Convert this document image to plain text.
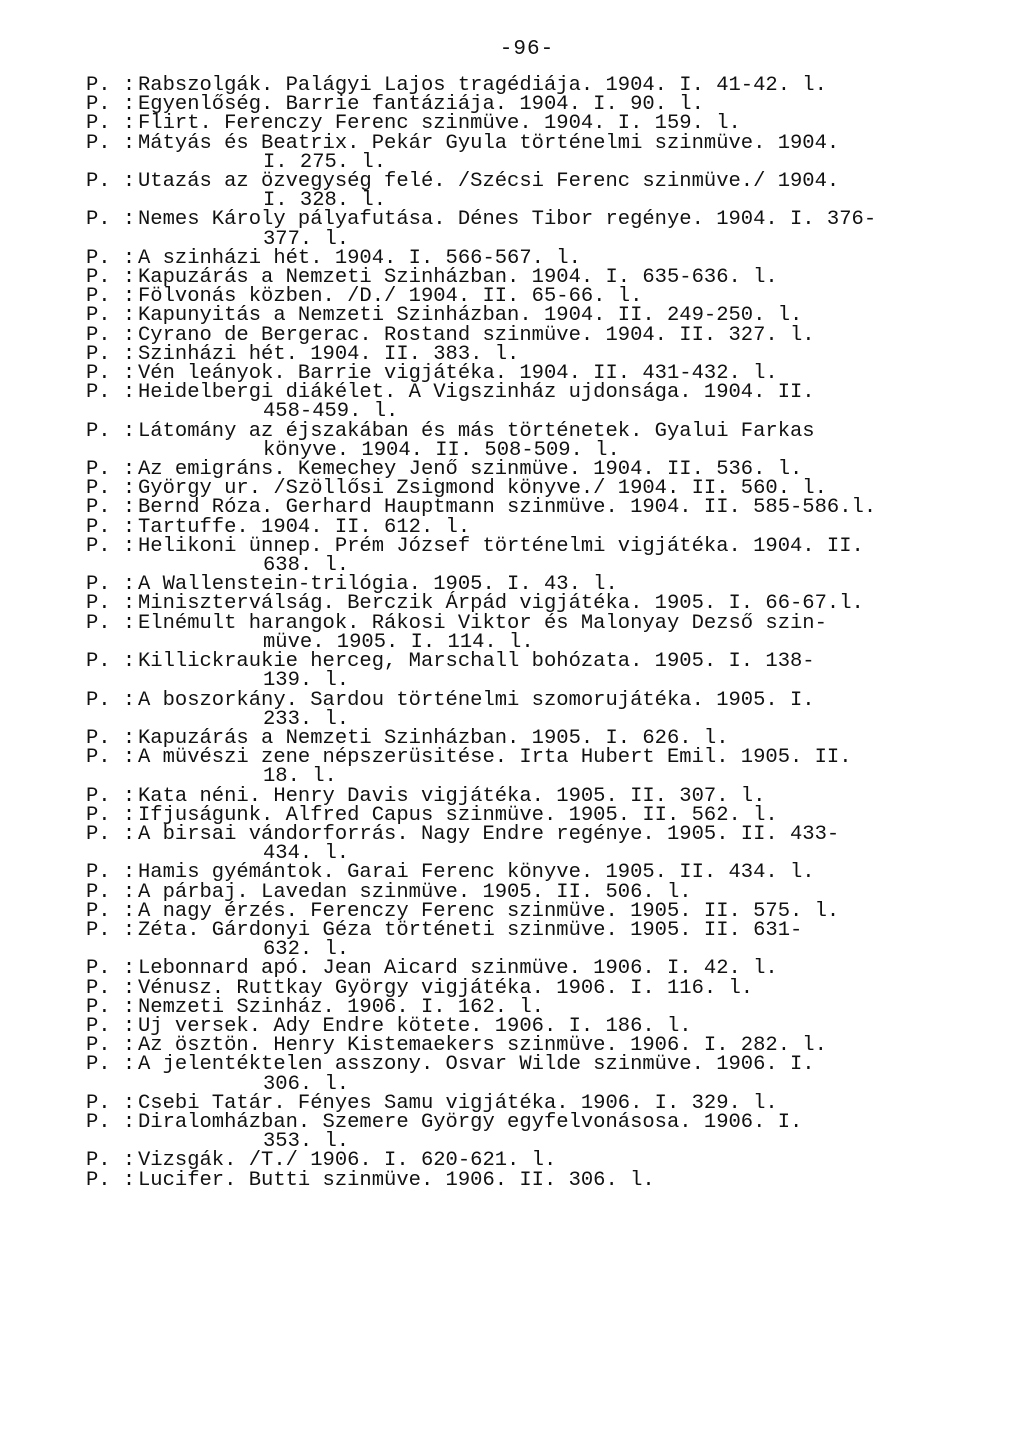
-96-
P. : Rabszolgák. Palágyi Lajos tragédiája. 1904. I. 41-42. l.
P. : Egyenlőség. Barrie fantáziája. 1904. I. 90. l.
P. : Flirt. Ferenczy Ferenc szinmüve. 1904. I. 159. l.
P. : Mátyás és Beatrix. Pekár Gyula történelmi szinmüve. 1904.
I. 275. l.
P. : Utazás az özvegység felé. /Szécsi Ferenc szinmüve./ 1904.
I. 328. l.
P. : Nemes Károly pályafutása. Dénes Tibor regénye. 1904. I. 376-
377. l.
P. : A szinházi hét. 1904. I. 566-567. l.
P. : Kapuzárás a Nemzeti Szinházban. 1904. I. 635-636. l.
P. : Fölvonás közben. /D./ 1904. II. 65-66. l.
P. : Kapunyitás a Nemzeti Szinházban. 1904. II. 249-250. l.
P. : Cyrano de Bergerac. Rostand szinmüve. 1904. II. 327. l.
P. : Szinházi hét. 1904. II. 383. l.
P. : Vén leányok. Barrie vigjátéka. 1904. II. 431-432. l.
P. : Heidelbergi diákélet. A Vigszinház ujdonsága. 1904. II.
458-459. l.
P. : Látomány az éjszakában és más történetek. Gyalui Farkas
könyve. 1904. II. 508-509. l.
P. : Az emigráns. Kemechey Jenő szinmüve. 1904. II. 536. l.
P. : György ur. /Szöllősi Zsigmond könyve./ 1904. II. 560. l.
P. : Bernd Róza. Gerhard Hauptmann szinmüve. 1904. II. 585-586.l.
P. : Tartuffe. 1904. II. 612. l.
P. : Helikoni ünnep. Prém József történelmi vigjátéka. 1904. II.
638. l.
P. : A Wallenstein-trilógia. 1905. I. 43. l.
P. : Miniszterválság. Berczik Árpád vigjátéka. 1905. I. 66-67.l.
P. : Elnémult harangok. Rákosi Viktor és Malonyay Dezső szin-
müve. 1905. I. 114. l.
P. : Killickraukie herceg, Marschall bohózata. 1905. I. 138-
139. l.
P. : A boszorkány. Sardou történelmi szomorujátéka. 1905. I.
233. l.
P. : Kapuzárás a Nemzeti Szinházban. 1905. I. 626. l.
P. : A müvészi zene népszerüsitése. Irta Hubert Emil. 1905. II.
18. l.
P. : Kata néni. Henry Davis vigjátéka. 1905. II. 307. l.
P. : Ifjuságunk. Alfred Capus szinmüve. 1905. II. 562. l.
P. : A birsai vándorforrás. Nagy Endre regénye. 1905. II. 433-
434. l.
P. : Hamis gyémántok. Garai Ferenc könyve. 1905. II. 434. l.
P. : A párbaj. Lavedan szinmüve. 1905. II. 506. l.
P. : A nagy érzés. Ferenczy Ferenc szinmüve. 1905. II. 575. l.
P. : Zéta. Gárdonyi Géza történeti szinmüve. 1905. II. 631-
632. l.
P. : Lebonnard apó. Jean Aicard szinmüve. 1906. I. 42. l.
P. : Vénusz. Ruttkay György vigjátéka. 1906. I. 116. l.
P. : Nemzeti Szinház. 1906. I. 162. l.
P. : Uj versek. Ady Endre kötete. 1906. I. 186. l.
P. : Az ösztön. Henry Kistemaekers szinmüve. 1906. I. 282. l.
P. : A jelentéktelen asszony. Osvar Wilde szinmüve. 1906. I.
306. l.
P. : Csebi Tatár. Fényes Samu vigjátéka. 1906. I. 329. l.
P. : Diralomházban. Szemere György egyfelvonásosa. 1906. I.
353. l.
P. : Vizsgák. /T./ 1906. I. 620-621. l.
P. : Lucifer. Butti szinmüve. 1906. II. 306. l.
